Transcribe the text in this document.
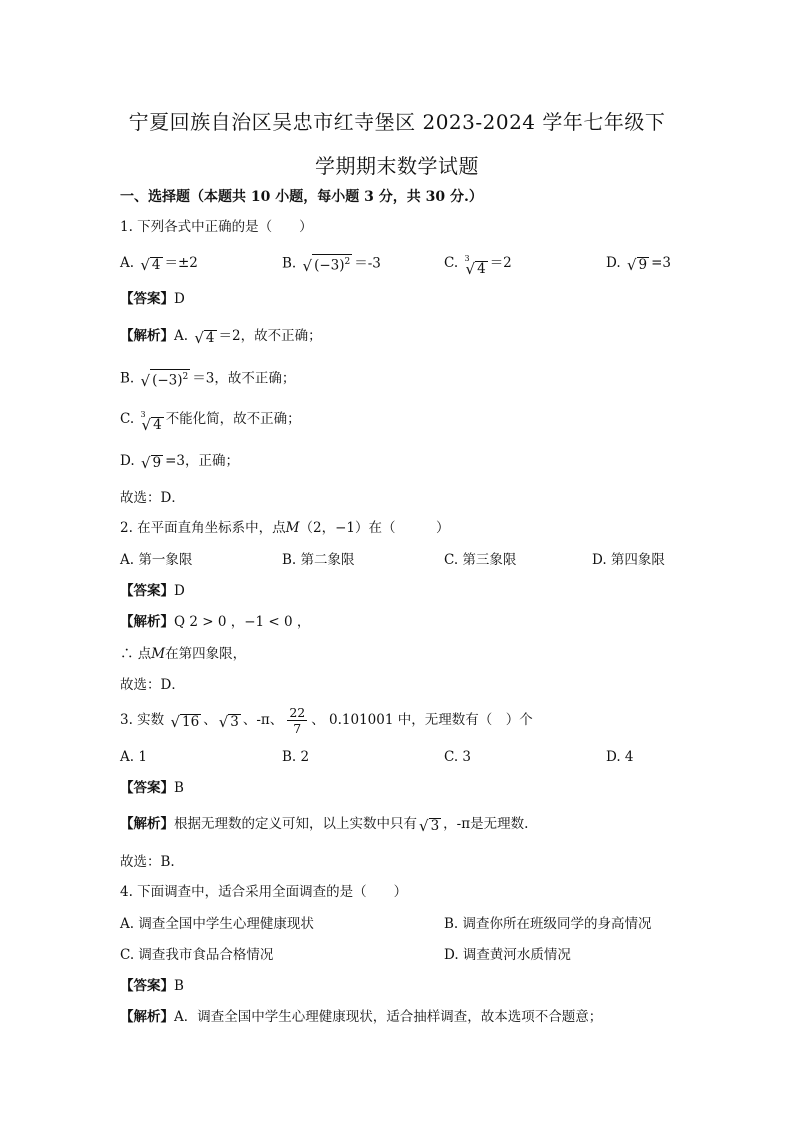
宁夏回族自治区吴忠市红寺堡区 2023-2024 学年七年级下
学期期末数学试题
一、选择题（本题共 10 小题，每小题 3 分，共 30 分.）
1. 下列各式中正确的是（　　）
A. √ 4 ＝±2	B. √ $(-3)^2 =-3$	C. 3
√ 4 ＝2	D. √ 9 =3
【答案】D
【解析】A. √ 4 ＝2，故不正确；
B. √ $(-3)^2 =3$，故不正确；
C. 3
√ 4 不能化简，故不正确；
D. √ 9 =3，正确；
故选：D．
2. 在平面直角坐标系中，点M（2，−1）在（　　　）
A. 第一象限	B. 第二象限	C. 第三象限	D. 第四象限
【答案】D
【解析】Q 2 > 0 ，−1 < 0 ，
∴ 点M在第四象限，
故选：D．
3. 实数 √ 16 、 √ 3 、-π、 $\frac{22}{7}$ 、 0.101001 中，无理数有（　）个
A. 1	B. 2	C. 3	D. 4
【答案】B
【解析】根据无理数的定义可知，以上实数中只有 √ 3 ，-π是无理数.
故选：B.
4. 下面调查中，适合采用全面调查的是（　　）
A. 调查全国中学生心理健康现状	B. 调查你所在班级同学的身高情况
C. 调查我市食品合格情况	D. 调查黄河水质情况
【答案】B
【解析】A．调查全国中学生心理健康现状，适合抽样调查，故本选项不合题意；
